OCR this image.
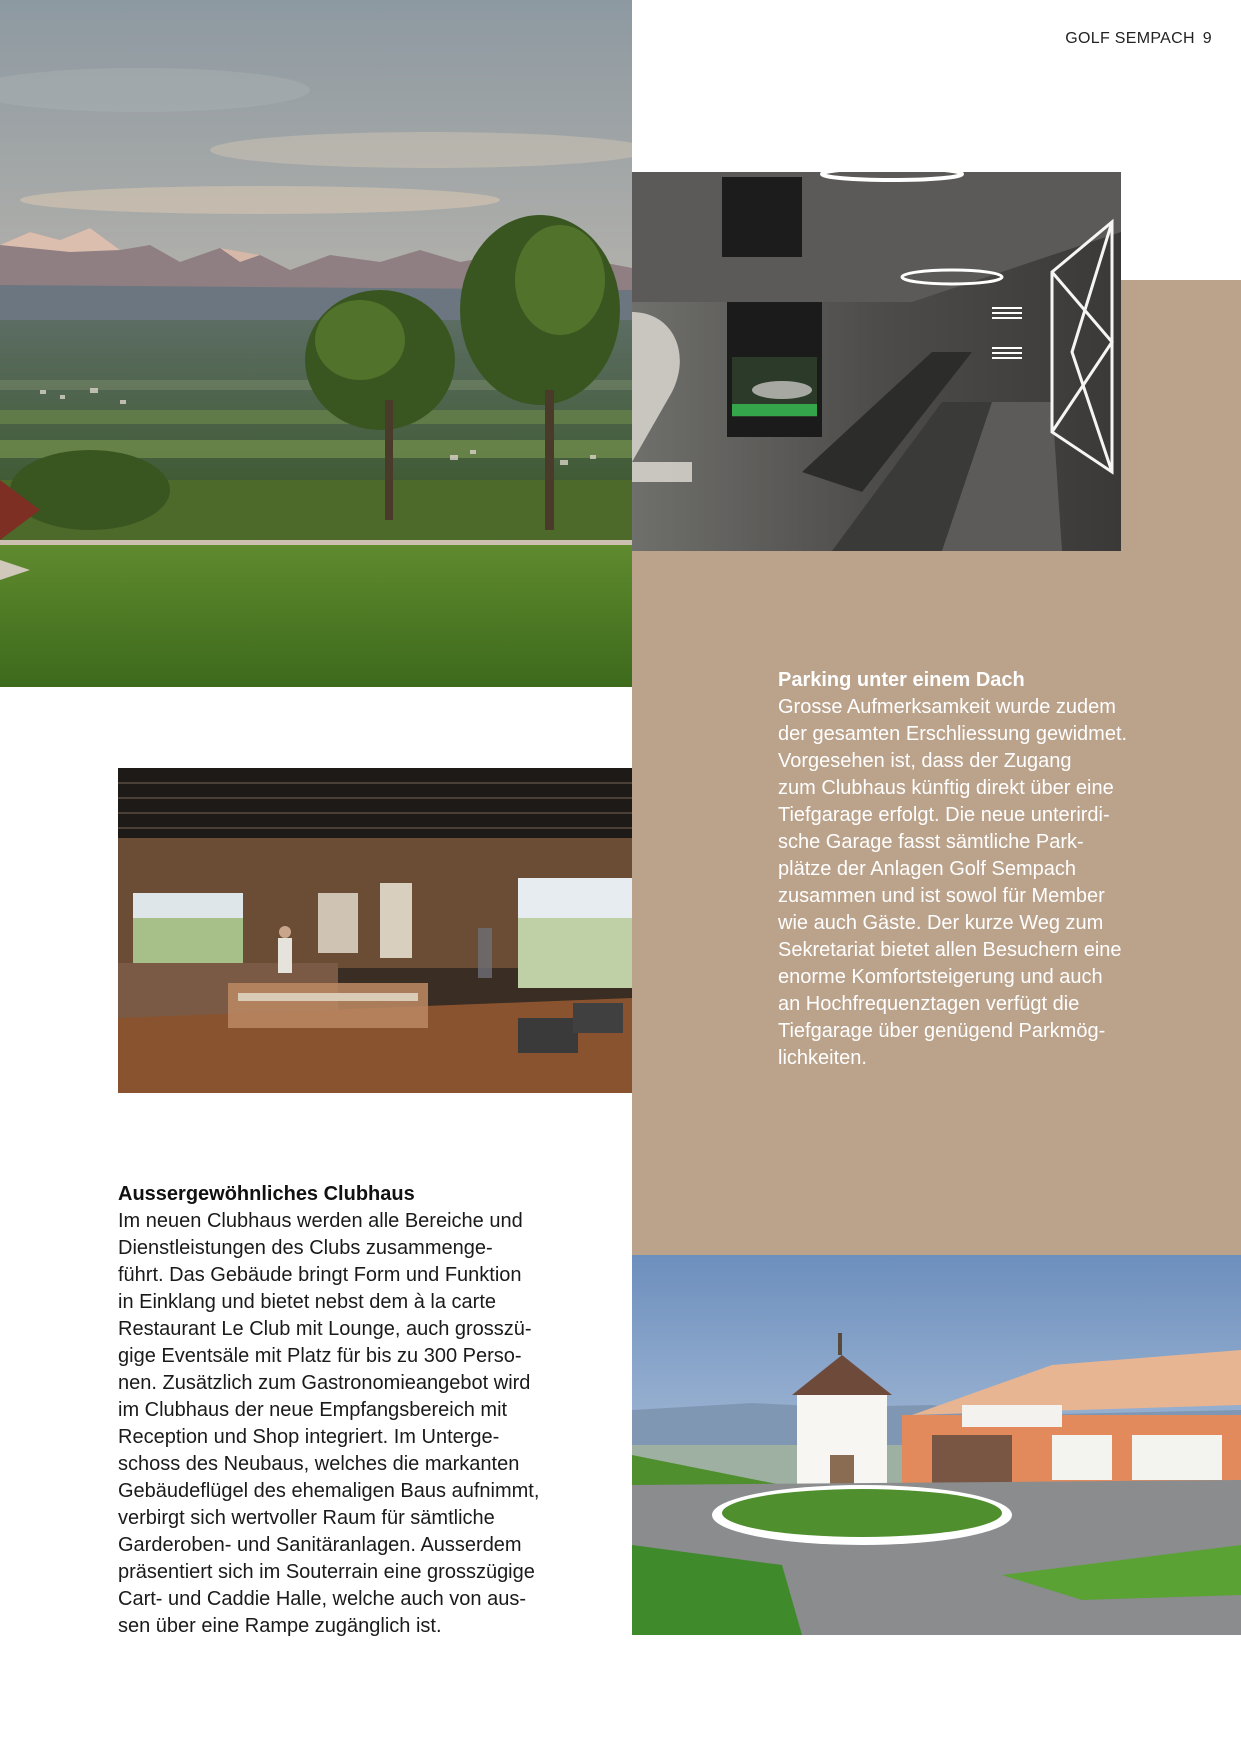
GOLF SEMPACH 9
Parking unter einem Dach

Grosse Aufmerksamkeit wurde zudem
der gesamten Erschliessung gewidmet.
Vorgesehen ist, dass der Zugang
zum Clubhaus künftig direkt über eine
Tiefgarage erfolgt. Die neue unterirdi-
sche Garage fasst sämtliche Park-
plätze der Anlagen Golf Sempach
zusammen und ist sowol für Member
wie auch Gäste. Der kurze Weg zum
Sekretariat bietet allen Besuchern eine
enorme Komfortsteigerung und auch
an Hochfrequenztagen verfügt die
Tiefgarage über genügend Parkmög-
lichkeiten.

Aussergewöhnliches Clubhaus

Im neuen Clubhaus werden alle Bereiche und
Dienstleistungen des Clubs zusammenge-
führt. Das Gebäude bringt Form und Funktion
in Einklang und bietet nebst dem à la carte
Restaurant Le Club mit Lounge, auch grosszü-
gige Eventsäle mit Platz für bis zu 300 Perso-
nen. Zusätzlich zum Gastronomieangebot wird
im Clubhaus der neue Empfangsbereich mit
Reception und Shop integriert. Im Unterge-
schoss des Neubaus, welches die markanten
Gebäudeflügel des ehemaligen Baus aufnimmt,
verbirgt sich wertvoller Raum für sämtliche
Garderoben- und Sanitäranlagen. Ausserdem
präsentiert sich im Souterrain eine grosszügige
Cart- und Caddie Halle, welche auch von aus-
sen über eine Rampe zugänglich ist.
